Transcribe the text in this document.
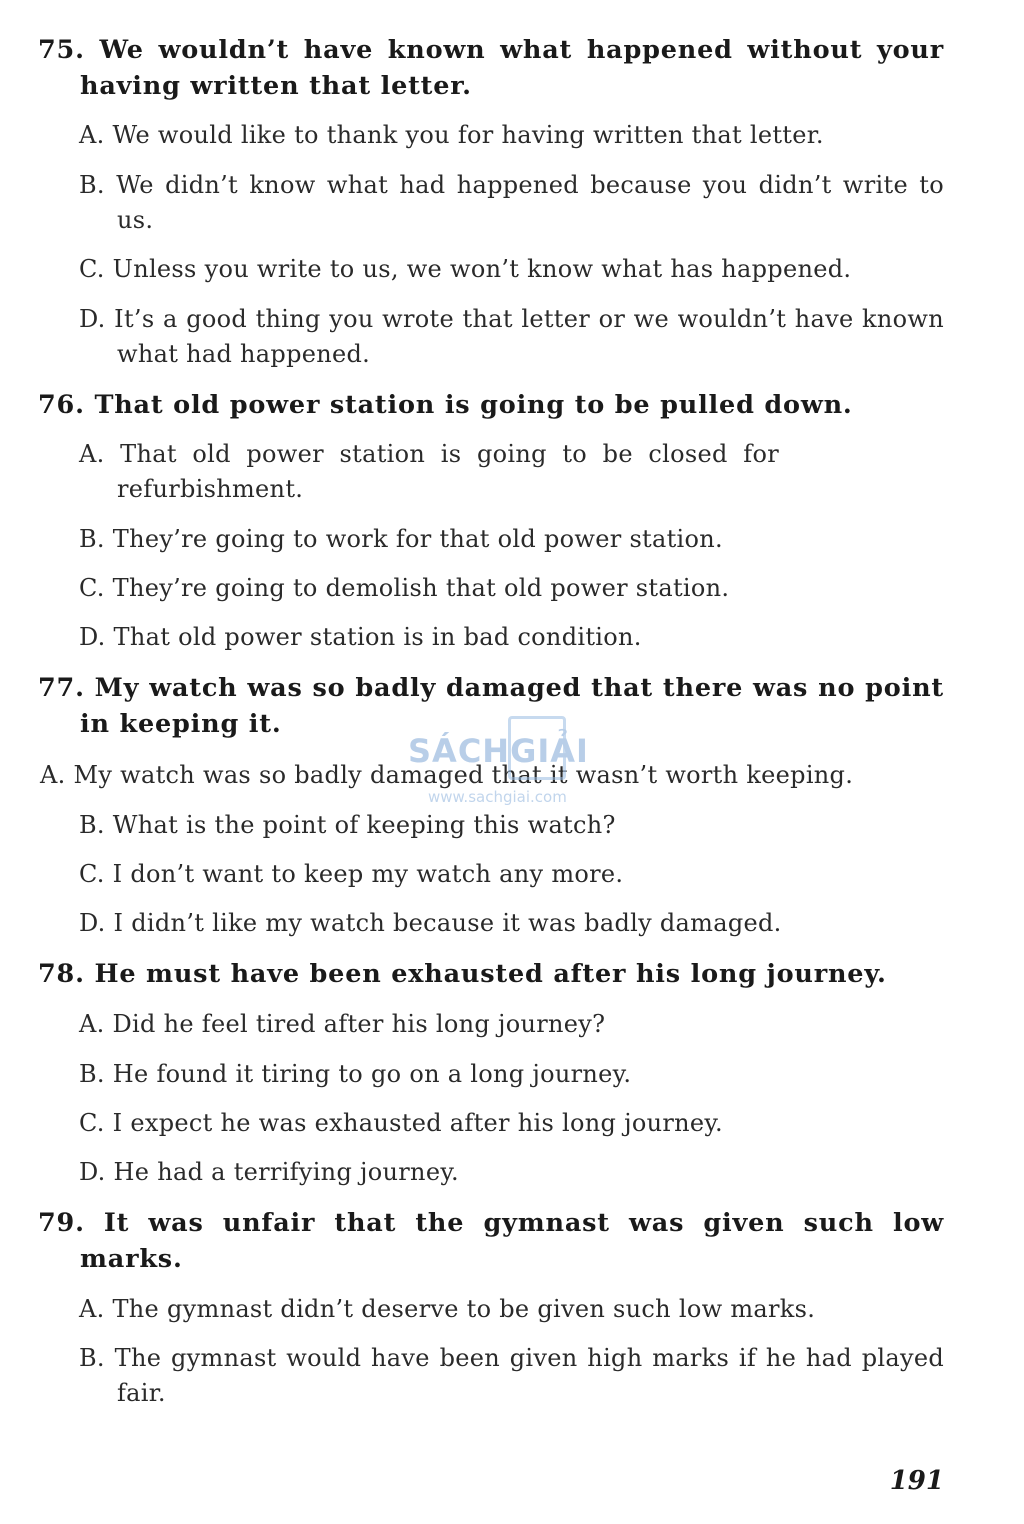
75. We wouldn’t have known what happened without your having written that letter.
A. We would like to thank you for having written that letter.
B. We didn’t know what had happened because you didn’t write to us.
C. Unless you write to us, we won’t know what has happened.
D. It’s a good thing you wrote that letter or we wouldn’t have known what had happened.
76. That old power station is going to be pulled down.
A. That old power station is going to be closed for refurbishment.
B. They’re going to work for that old power station.
C. They’re going to demolish that old power station.
D. That old power station is in bad condition.
77. My watch was so badly damaged that there was no point in keeping it.
A. My watch was so badly damaged that it wasn’t worth keeping.
B. What is the point of keeping this watch?
C. I don’t want to keep my watch any more.
D. I didn’t like my watch because it was badly damaged.
78. He must have been exhausted after his long journey.
A. Did he feel tired after his long journey?
B. He found it tiring to go on a long journey.
C. I expect he was exhausted after his long journey.
D. He had a terrifying journey.
79. It was unfair that the gymnast was given such low marks.
A. The gymnast didn’t deserve to be given such low marks.
B. The gymnast would have been given high marks if he had played fair.
SÁCHGIẢI
www.sachgiai.com
191
